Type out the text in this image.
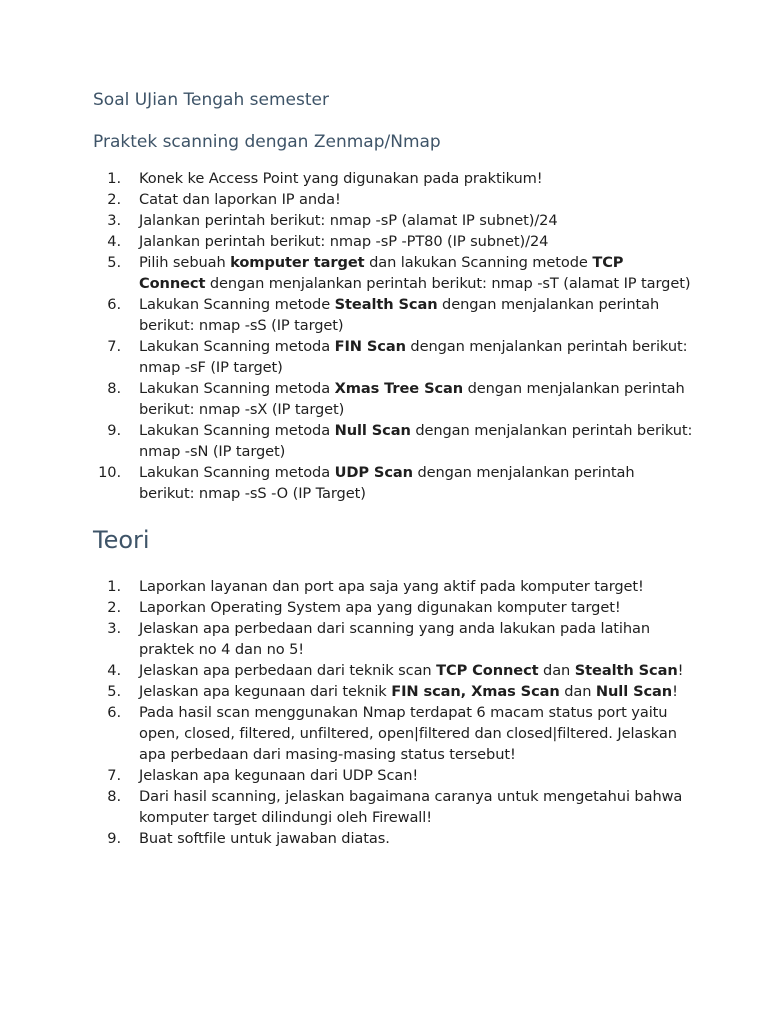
Soal UJian Tengah semester
Praktek scanning dengan Zenmap/Nmap
1.	Konek ke Access Point yang digunakan pada praktikum!
2.	Catat dan laporkan IP anda!
3.	Jalankan perintah berikut: nmap -sP (alamat IP subnet)/24
4.	Jalankan perintah berikut: nmap -sP -PT80 (IP subnet)/24
5.	Pilih sebuah komputer target dan lakukan Scanning metode TCP Connect dengan menjalankan perintah berikut: nmap -sT (alamat IP target)
6.	Lakukan Scanning metode Stealth Scan dengan menjalankan perintah berikut: nmap -sS (IP target)
7.	Lakukan Scanning metoda FIN Scan dengan menjalankan perintah berikut: nmap -sF (IP target)
8.	Lakukan Scanning metoda Xmas Tree Scan dengan menjalankan perintah berikut: nmap -sX (IP target)
9.	Lakukan Scanning metoda Null Scan dengan menjalankan perintah berikut: nmap -sN (IP target)
10.	Lakukan Scanning metoda UDP Scan dengan menjalankan perintah berikut: nmap -sS -O (IP Target)
Teori
1.	Laporkan layanan dan port apa saja yang aktif pada komputer target!
2.	Laporkan Operating System apa yang digunakan komputer target!
3.	Jelaskan apa perbedaan dari scanning yang anda lakukan pada latihan praktek no 4 dan no 5!
4.	Jelaskan apa perbedaan dari teknik scan TCP Connect dan Stealth Scan!
5.	Jelaskan apa kegunaan dari teknik FIN scan, Xmas Scan dan Null Scan!
6.	Pada hasil scan menggunakan Nmap terdapat 6 macam status port yaitu open, closed, filtered, unfiltered, open|filtered dan closed|filtered. Jelaskan apa perbedaan dari masing-masing status tersebut!
7.	Jelaskan apa kegunaan dari UDP Scan!
8.	Dari hasil scanning, jelaskan bagaimana caranya untuk mengetahui bahwa komputer target dilindungi oleh Firewall!
9.	Buat softfile untuk jawaban diatas.
